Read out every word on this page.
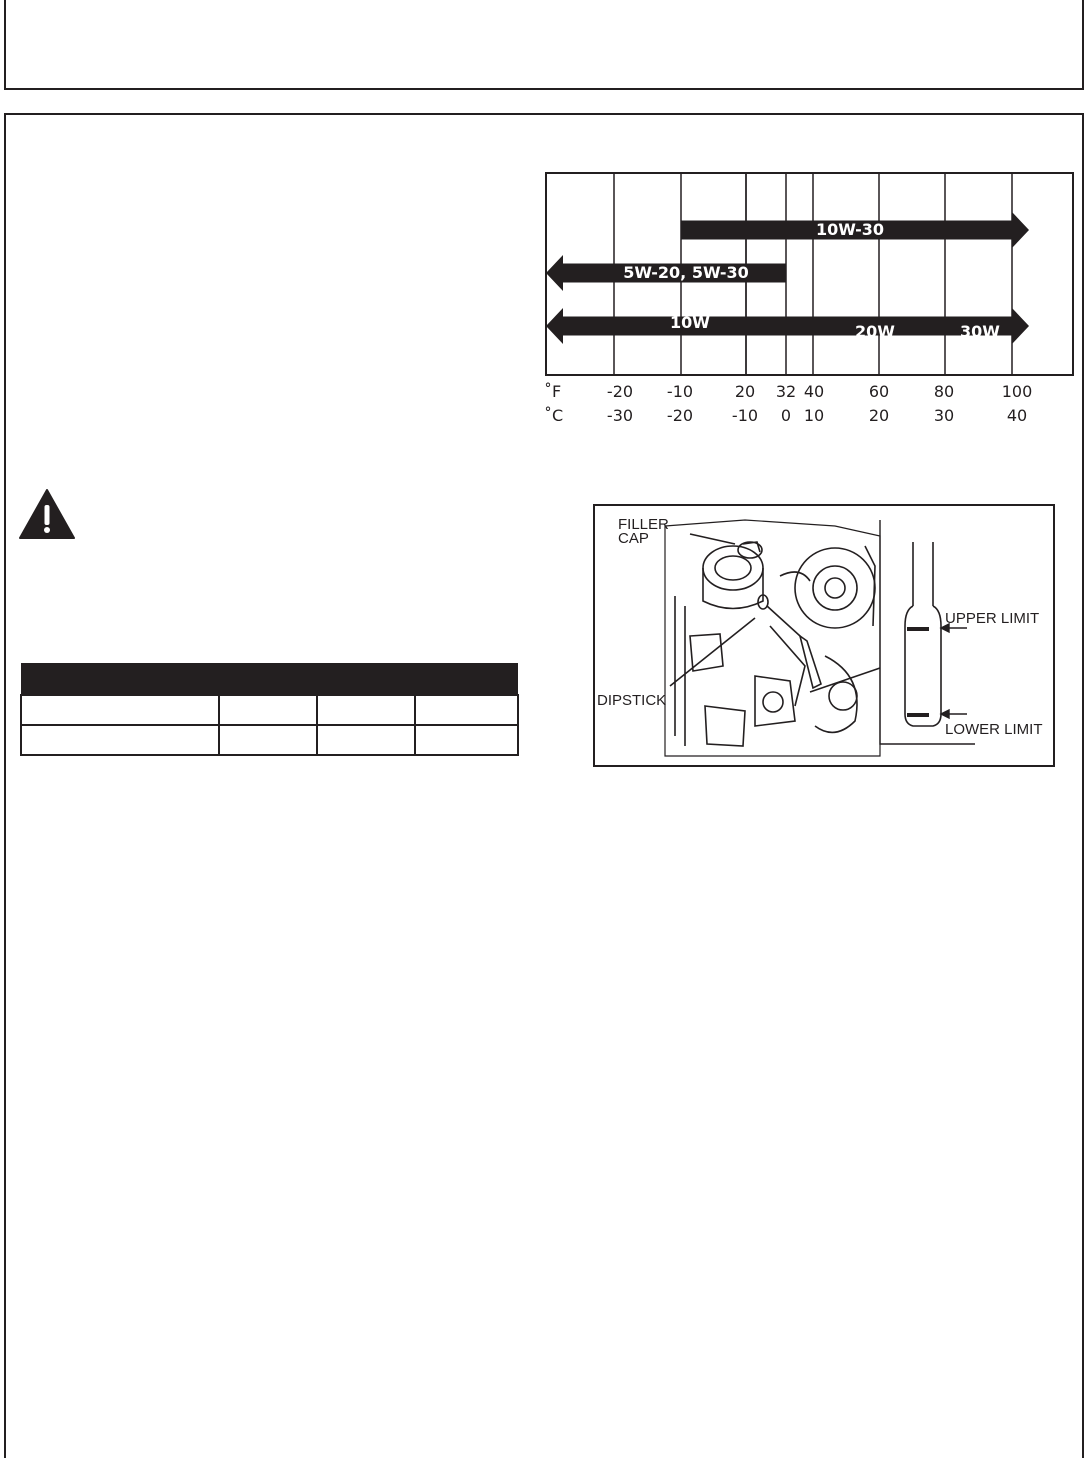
10W-30
5W-20, 5W-30
10W	20W	30W
˚F
˚C
-20 -10	20 32 40	60	80	100
-30 -20 -10 0 10	20	30	40

FILLER
CAP
DIPSTICK
UPPER LIMIT
LOWER LIMIT
